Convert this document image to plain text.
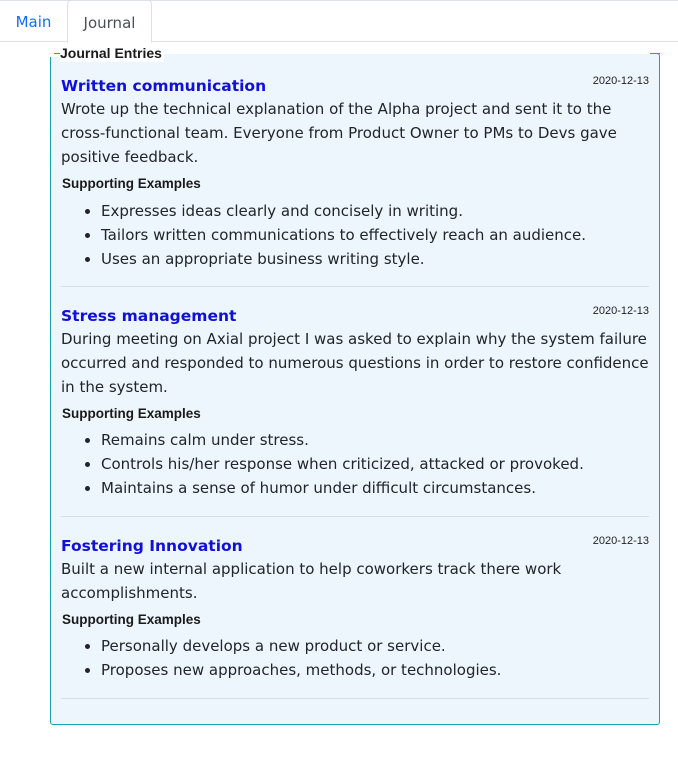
Main	Journal
Journal Entries
Written communication	2020-12-13

Wrote up the technical explanation of the Alpha project and sent it to the cross-functional team. Everyone from Product Owner to PMs to Devs gave positive feedback.

Supporting Examples
Expresses ideas clearly and concisely in writing.
Tailors written communications to effectively reach an audience.
Uses an appropriate business writing style.
Stress management	2020-12-13

During meeting on Axial project I was asked to explain why the system failure occurred and responded to numerous questions in order to restore confidence in the system.

Supporting Examples
Remains calm under stress.
Controls his/her response when criticized, attacked or provoked.
Maintains a sense of humor under difficult circumstances.
Fostering Innovation	2020-12-13

Built a new internal application to help coworkers track there work accomplishments.

Supporting Examples
Personally develops a new product or service.
Proposes new approaches, methods, or technologies.
